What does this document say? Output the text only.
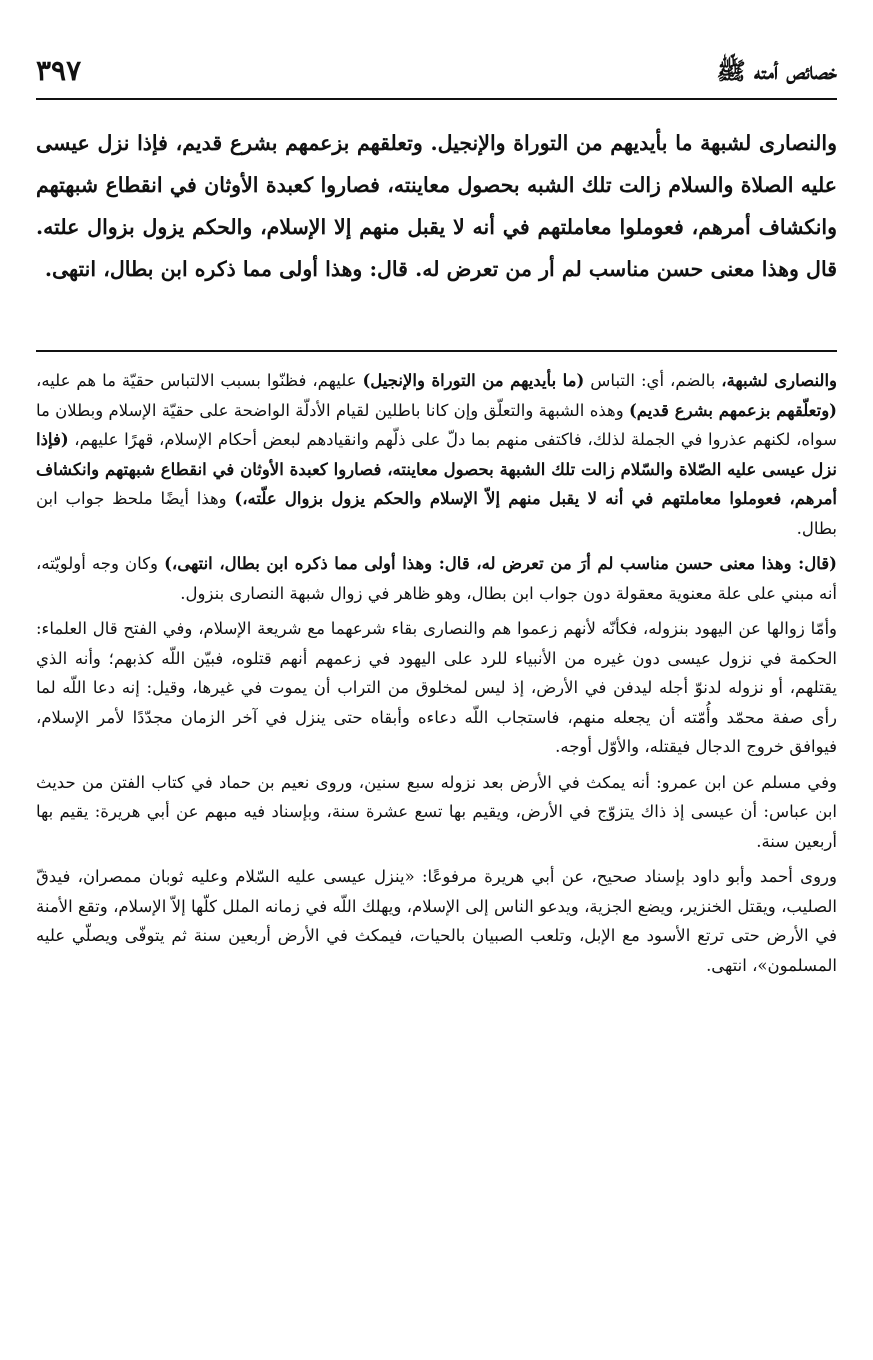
خصائص أمته ﷺ
٣٩٧
والنصارى لشبهة ما بأيديهم من التوراة والإنجيل. وتعلقهم بزعمهم بشرع قديم، فإذا نزل عيسى عليه الصلاة والسلام زالت تلك الشبه بحصول معاينته، فصاروا كعبدة الأوثان في انقطاع شبهتهم وانكشاف أمرهم، فعوملوا معاملتهم في أنه لا يقبل منهم إلا الإسلام، والحكم يزول بزوال علته. قال وهذا معنى حسن مناسب لم أر من تعرض له. قال: وهذا أولى مما ذكره ابن بطال، انتهى.

والنصارى لشبهة، بالضم، أي: التباس (ما بأيديهم من التوراة والإنجيل) عليهم، فظنّوا بسبب الالتباس حقيّة ما هم عليه، (وتعلّقهم بزعمهم بشرع قديم) وهذه الشبهة والتعلّق وإن كانا باطلين لقيام الأدلّة الواضحة على حقيّة الإسلام وبطلان ما سواه، لكنهم عذروا في الجملة لذلك، فاكتفى منهم بما دلّ على ذلّهم وانقيادهم لبعض أحكام الإسلام، قهرًا عليهم، (فإذا نزل عيسى عليه الصّلاة والسّلام زالت تلك الشبهة بحصول معاينته، فصاروا كعبدة الأوثان في انقطاع شبهتهم وانكشاف أمرهم، فعوملوا معاملتهم في أنه لا يقبل منهم إلاّ الإسلام والحكم يزول بزوال علّته،) وهذا أيضًا ملحظ جواب ابن بطال.

(قال: وهذا معنى حسن مناسب لم أرَ من تعرض له، قال: وهذا أولى مما ذكره ابن بطال، انتهى،) وكان وجه أولويّته، أنه مبني على علة معنوية معقولة دون جواب ابن بطال، وهو ظاهر في زوال شبهة النصارى بنزول.

وأمّا زوالها عن اليهود بنزوله، فكأنّه لأنهم زعموا هم والنصارى بقاء شرعهما مع شريعة الإسلام، وفي الفتح قال العلماء: الحكمة في نزول عيسى دون غيره من الأنبياء للرد على اليهود في زعمهم أنهم قتلوه، فبيّن اللّه كذبهم؛ وأنه الذي يقتلهم، أو نزوله لدنوّ أجله ليدفن في الأرض، إذ ليس لمخلوق من التراب أن يموت في غيرها، وقيل: إنه دعا اللّه لما رأى صفة محمّد وأُمّته أن يجعله منهم، فاستجاب اللّه دعاءه وأبقاه حتى ينزل في آخر الزمان مجدّدًا لأمر الإسلام، فيوافق خروج الدجال فيقتله، والأوّل أوجه.

وفي مسلم عن ابن عمرو: أنه يمكث في الأرض بعد نزوله سبع سنين، وروى نعيم بن حماد في كتاب الفتن من حديث ابن عباس: أن عيسى إذ ذاك يتزوّج في الأرض، ويقيم بها تسع عشرة سنة، وبإسناد فيه مبهم عن أبي هريرة: يقيم بها أربعين سنة.

وروى أحمد وأبو داود بإسناد صحيح، عن أبي هريرة مرفوعًا: «ينزل عيسى عليه السّلام وعليه ثوبان ممصران، فيدقّ الصليب، ويقتل الخنزير، ويضع الجزية، ويدعو الناس إلى الإسلام، ويهلك اللّه في زمانه الملل كلّها إلاّ الإسلام، وتقع الأمنة في الأرض حتى ترتع الأسود مع الإبل، وتلعب الصبيان بالحيات، فيمكث في الأرض أربعين سنة ثم يتوفّى ويصلّي عليه المسلمون»، انتهى.
